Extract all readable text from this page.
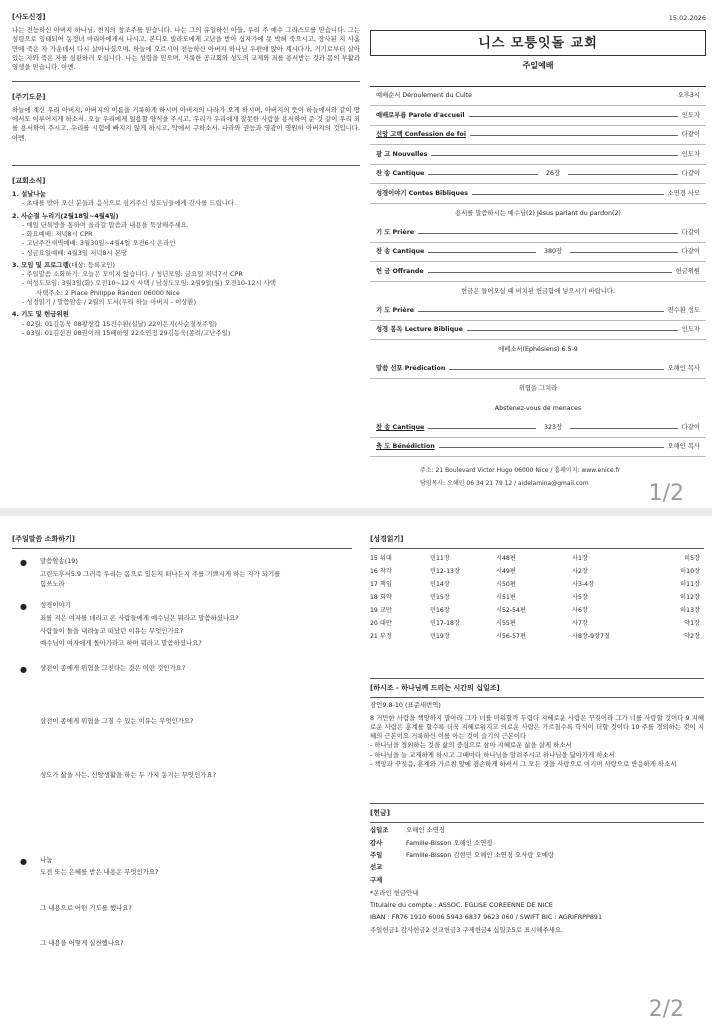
15.02.2026
[사도신경]
나는 전능하신 아버지 하나님, 천지의 창조주를 믿습니다. 나는 그의 유일하신 아들, 우리 주 예수 그리스도를 믿습니다. 그는 성령으로 잉태되어 동정녀 마리아에게서 나시고, 본디오 빌라도에게 고난을 받아 십자가에 못 박혀 죽으시고, 장사된 지 사흘 만에 죽은 자 가운데서 다시 살아나셨으며, 하늘에 오르시어 전능하신 아버지 하나님 우편에 앉아 계시다가, 거기로부터 살아 있는 자와 죽은 자를 심판하러 오십니다. 나는 성령을 믿으며, 거룩한 공교회와 성도의 교제와 죄를 용서받는 것과 몸의 부활과 영생을 믿습니다. 아멘.
[주기도문]
하늘에 계신 우리 아버지, 아버지의 이름을 거룩하게 하시며 아버지의 나라가 오게 하시며, 아버지의 뜻이 하늘에서와 같이 땅에서도 이루어지게 하소서. 오늘 우리에게 일용할 양식을 주시고, 우리가 우리에게 잘못한 사람을 용서하여 준 것 같이 우리 죄를 용서하여 주시고, 우리를 시험에 빠지지 않게 하시고, 악에서 구하소서. 나라와 권능과 영광이 영원히 아버지의 것입니다. 아멘.
[교회소식]
1. 설날나눔
- 초대를 받아 오신 분들과 음식으로 섬겨주신 성도님들에게 감사를 드립니다.
2. 사순절 누리기(2월18일~4월4일)
- 매일 단톡방을 통하여 올라갈 말씀과 내용을 묵상해주세요.
- 화요예배: 저녁8시 CPR
- 고난주간새벽예배: 3월30일~4월4일 오전6시 온라인
- 성금요일예배: 4월3일 저녁8시 본당
3. 모임 및 프로그램(대상: 등록교인)
- 주일말씀 소화하기: 오늘은 모이지 않습니다. / 청년모임: 금요일 저녁7시 CPR
- 여성도모임: 3월3일(화) 오전10~12시 사택 / 남성도모임: 2월9일(월) 오전10-12시 사택
사택주소: 2 Place Philippe Randon 06000 Nice
- 성경읽기 / 말씀암송 / 2월의 도서(우리 하늘 아버지 - 이상환)
4. 기도 및 헌금위원
- 02월: 01김동욱 08황창갑 15진수환(설날) 22이은지(사순절첫주일)
- 03월: 01김선진 08권이레 15배하영 22소연정 29김동욱(종려/고난주일)
니스 모퉁잇돌 교회
주일예배
예배순서 Déroulement du Culte	오후3시
예배로부름 Parole d'accueil	인도자
신앙 고백 Confession de foi	다같이
광 고 Nouvelles	인도자
찬 송 Cantique	26장	다같이
성경이야기 Contes Bibliques	소연정 사모
용서를 말씀하시는 예수님(2) Jésus parlant du pardon(2)
기 도 Prière	다같이
찬 송 Cantique	380장	다같이
헌 금 Offrande	헌금위원
헌금은 들어오실 때 비치된 헌금함에 넣으시기 바랍니다.
기 도 Prière	진수환 성도
성경 봉독 Lecture Biblique	인도자
에베소서(Ephésiens) 6.5-9
말씀 선포 Prédication	오해인 목사
위협을 그치라
Abstenez-vous de menaces
찬 송 Cantique	323장	다같이
축 도 Bénédiction	오해인 목사
주소: 21 Boulevard Victor Hugo 06000 Nice / 홈페이지: www.enice.fr
담임목사: 오해인 06 34 21 79 12 / aidelamina@gmail.com	1/2
[주일말씀 소화하기]
● 말씀암송(19)
고린도후서5.9 그러즉 우리는 몸으로 있든지 떠나든지 주를 기쁘시게 하는 자가 되기를
힘쓰노라
● 성경이야기
죄를 지은 여자를 데리고 온 사람들에게 예수님은 뭐라고 말씀하셨나요?
사람들이 돌을 내려놓고 떠났던 이유는 무엇인가요?
예수님이 여자에게 돌아가라고 하며 뭐라고 말씀하셨나요?
● 상전이 종에게 위협을 그친다는 것은 어떤 것인가요?
상전이 종에게 위협을 그칠 수 있는 이유는 무엇인가요?
성도가 삶을 사는, 신앙생활을 하는 두 가지 동기는 무엇인가요?
● 나눔
도전 또는 은혜를 받은 내용은 무엇인가요?
그 내용으로 어떤 기도를 했나요?
그 내용을 어떻게 실천했나요?
[성경읽기]
15 위대	민11장	시48편	사1장	히5장
16 착각	민12-13장	시49편	사2장	히10장
17 책임	민14장	시50편	사3-4장	히11장
18 회약	민15장	시51편	사5장	히12장
19 교만	민16장	시52-54편	사6장	히13장
20 대안	민17-18장	시55편	사7장	약1장
21 부정	민19장	시56-57편	사8장-9장7절	약2장
[하시조 - 하나님께 드리는 시간의 십일조]
잠언9.8-10 (표준새번역)
8 거만한 사람을 책망하지 말아라 그가 너를 미워할까 두렵다 지혜로운 사람은 꾸짖어라 그가 너를 사랑할 것이다 9 지혜로운 사람은 훈계를 할수록 더욱 지혜로워지고 의로운 사람은 가르칠수록 학식이 더할 것이다 10 주를 경외하는 것이 지혜의 근본이요 거룩하신 이를 아는 것이 슬기의 근본이다
- 하나님을 경외하는 것을 삶의 중심으로 삼아 지혜로운 삶을 살게 하소서
- 하나님을 늘 교제하게 하시고 그때마다 하나님을 알려주시고 하나님을 닮아가게 하소서
- 책망과 꾸짖음, 훈계와 가르침 앞에 겸손하게 하셔서 그 모든 것을 사랑으로 여기며 사랑으로 반응하게 하소서
[헌금]
십일조	오해인 소연정
감사	Famille-Bisson 오해인 소연정
주일	Famille-Bisson 김현민 오해인 소연정 오사랑 오예랑
선교
구제
*온라인 헌금안내
Titulaire du compte : ASSOC. EGLISE COREENNE DE NICE
IBAN : FR76 1910 6006 5943 6837 9623 060 / SWIFT BIC : AGRIFRPP891
주일헌금1 감사헌금2 선교헌금3 구제헌금4 십일조5로 표시해주세요.
2/2
